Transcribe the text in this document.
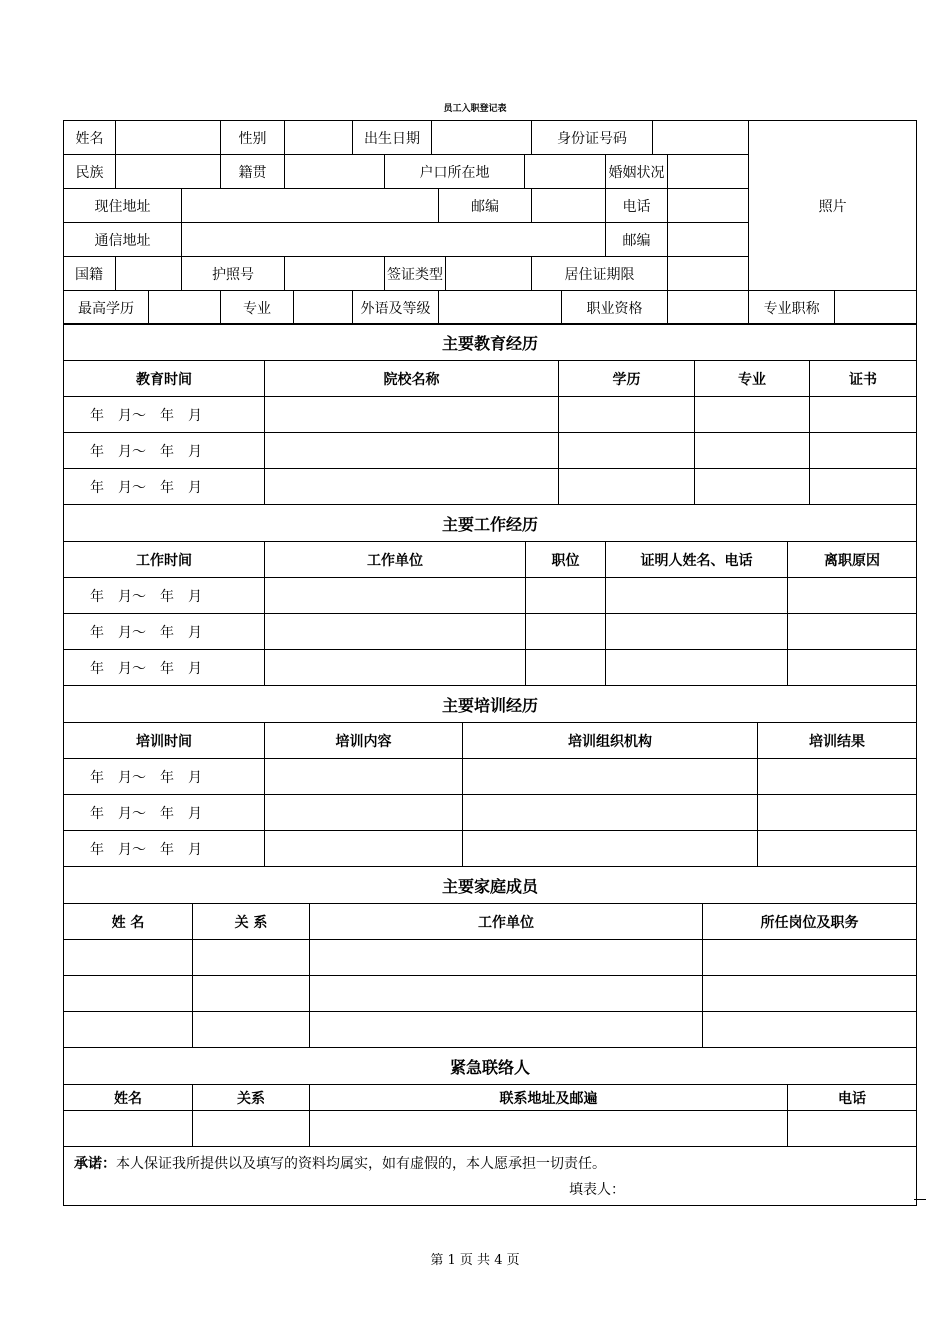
员工入职登记表
姓名				性别			出生日期						身份证号码					照片	
民族				籍贯				户口所在地							婚姻状况				
现住地址										邮编					电话				
通信地址															邮编				
国籍			护照号					签证类型					居住证期限						
最高学历				专业			外语及等级							职业资格				专业职称	
主要教育经历				
教育时间	院校名称	学历	专业	证书
年　月～　年　月				
年　月～　年　月				
年　月～　年　月				
主要工作经历				
工作时间	工作单位	职位	证明人姓名、电话	离职原因
年　月～　年　月				
年　月～　年　月				
年　月～　年　月				
主要培训经历			
培训时间	培训内容	培训组织机构	培训结果
年　月～　年　月			
年　月～　年　月			
年　月～　年　月			
主要家庭成员			
姓 名	关 系	工作单位	所任岗位及职务

紧急联络人			
姓名	关系	联系地址及邮遍	电话

承诺：本人保证我所提供以及填写的资料均属实，如有虚假的，本人愿承担一切责任。
填表人：			
第 1 页 共 4 页
